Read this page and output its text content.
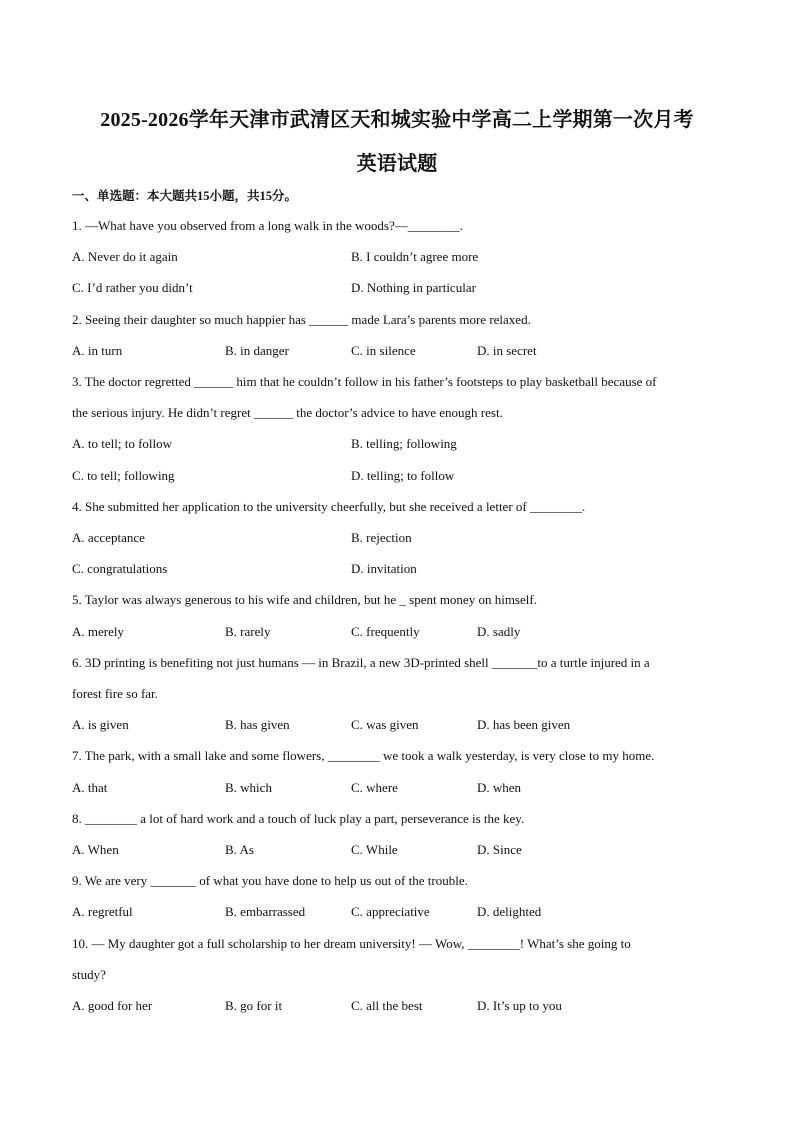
2025-2026学年天津市武清区天和城实验中学高二上学期第一次月考
英语试题
一、单选题：本大题共15小题，共15分。
1. —What have you observed from a long walk in the woods?—________.
A. Never do it again	B. I couldn’t agree more
C. I’d rather you didn’t	D. Nothing in particular
2. Seeing their daughter so much happier has ______ made Lara’s parents more relaxed.
A. in turn	B. in danger	C. in silence	D. in secret
3. The doctor regretted ______ him that he couldn’t follow in his father’s footsteps to play basketball because of
the serious injury. He didn’t regret ______ the doctor’s advice to have enough rest.
A. to tell; to follow	B. telling; following
C. to tell; following	D. telling; to follow
4. She submitted her application to the university cheerfully, but she received a letter of ________.
A. acceptance	B. rejection
C. congratulations	D. invitation
5. Taylor was always generous to his wife and children, but he _ spent money on himself.
A. merely	B. rarely	C. frequently	D. sadly
6. 3D printing is benefiting not just humans — in Brazil, a new 3D-printed shell _______to a turtle injured in a
forest fire so far.
A. is given	B. has given	C. was given	D. has been given
7. The park, with a small lake and some flowers, ________ we took a walk yesterday, is very close to my home.
A. that	B. which	C. where	D. when
8. ________ a lot of hard work and a touch of luck play a part, perseverance is the key.
A. When	B. As	C. While	D. Since
9. We are very _______ of what you have done to help us out of the trouble.
A. regretful	B. embarrassed	C. appreciative	D. delighted
10. — My daughter got a full scholarship to her dream university! — Wow, ________! What’s she going to
study?
A. good for her	B. go for it	C. all the best	D. It’s up to you
